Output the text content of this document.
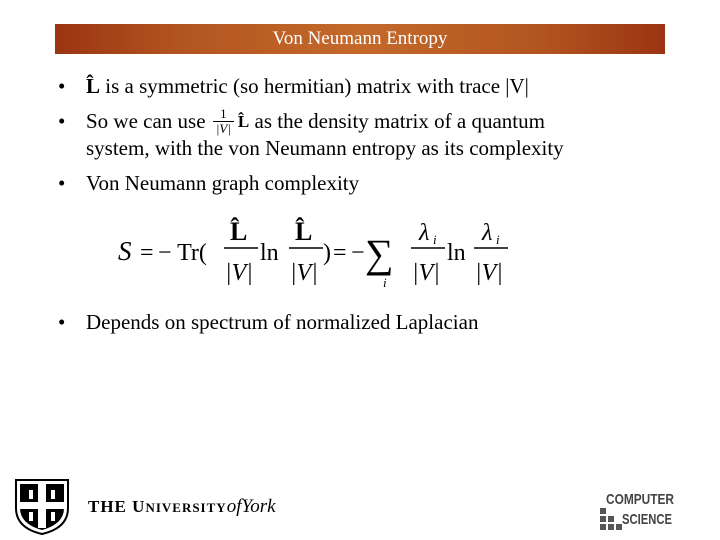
Von Neumann Entropy
• L̂ is a symmetric (so hermitian) matrix with trace |V|
• So we can use $\frac{1}{|V|}$ L̂ as the density matrix of a quantum
system, with the von Neumann entropy as its complexity
• Von Neumann graph complexity
S = − Tr(
L̂
|V|
ln
L̂
|V|
) = − ∑
i
λ i
|V|
ln
λ i
|V|
• Depends on spectrum of normalized Laplacian
THE UNIVERSITYofYork	COMPUTER
SCIENCE
